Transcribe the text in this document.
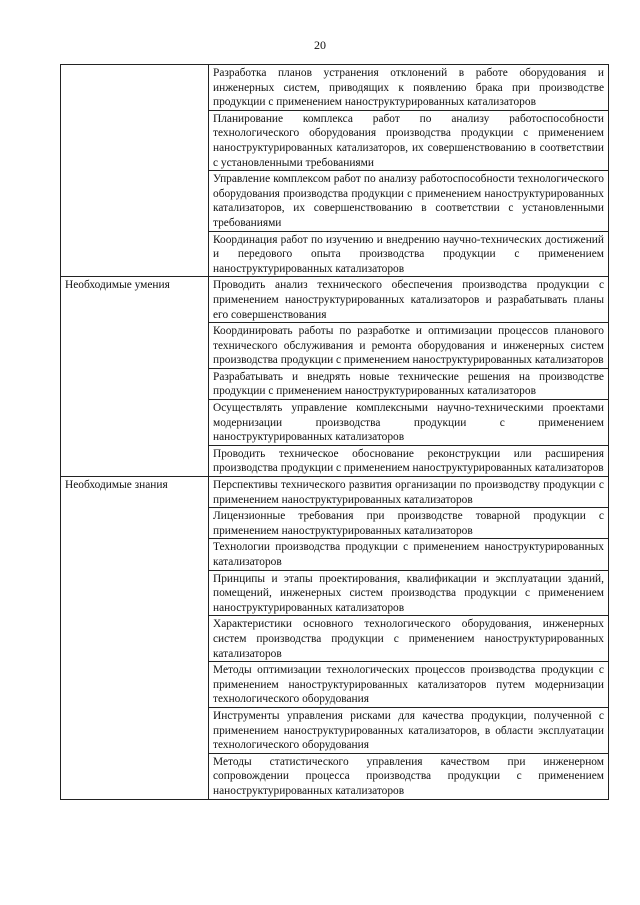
20
	Разработка планов устранения отклонений в работе оборудования и инженерных систем, приводящих к появлению брака при производстве продукции с применением наноструктурированных катализаторов
	Планирование комплекса работ по анализу работоспособности технологического оборудования производства продукции с применением наноструктурированных катализаторов, их совершенствованию в соответствии с установленными требованиями
	Управление комплексом работ по анализу работоспособности технологического оборудования производства продукции с применением наноструктурированных катализаторов, их совершенствованию в соответствии с установленными требованиями
	Координация работ по изучению и внедрению научно-технических достижений и передового опыта производства продукции с применением наноструктурированных катализаторов
Необходимые умения	Проводить анализ технического обеспечения производства продукции с применением наноструктурированных катализаторов и разрабатывать планы его совершенствования
	Координировать работы по разработке и оптимизации процессов планового технического обслуживания и ремонта оборудования и инженерных систем производства продукции с применением наноструктурированных катализаторов
	Разрабатывать и внедрять новые технические решения на производстве продукции с применением наноструктурированных катализаторов
	Осуществлять управление комплексными научно-техническими проектами модернизации производства продукции с применением наноструктурированных катализаторов
	Проводить техническое обоснование реконструкции или расширения производства продукции с применением наноструктурированных катализаторов
Необходимые знания	Перспективы технического развития организации по производству продукции с применением наноструктурированных катализаторов
	Лицензионные требования при производстве товарной продукции с применением наноструктурированных катализаторов
	Технологии производства продукции с применением наноструктурированных катализаторов
	Принципы и этапы проектирования, квалификации и эксплуатации зданий, помещений, инженерных систем производства продукции с применением наноструктурированных катализаторов
	Характеристики основного технологического оборудования, инженерных систем производства продукции с применением наноструктурированных катализаторов
	Методы оптимизации технологических процессов производства продукции с применением наноструктурированных катализаторов путем модернизации технологического оборудования
	Инструменты управления рисками для качества продукции, полученной с применением наноструктурированных катализаторов, в области эксплуатации технологического оборудования
	Методы статистического управления качеством при инженерном сопровождении процесса производства продукции с применением наноструктурированных катализаторов
